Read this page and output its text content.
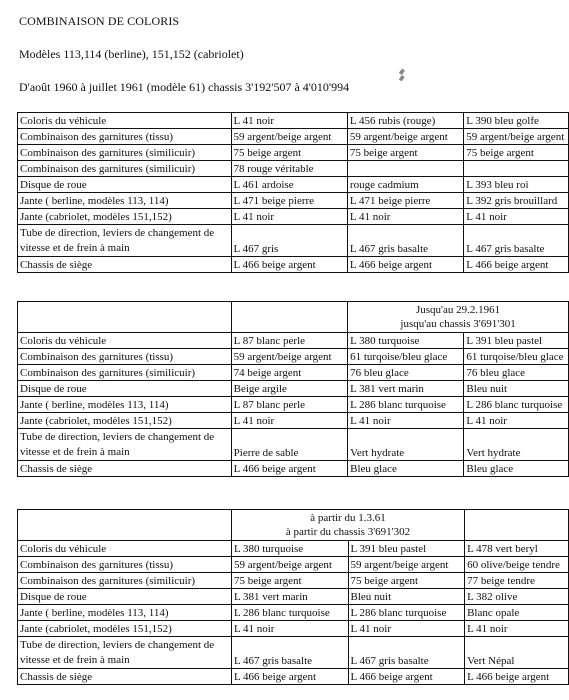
COMBINAISON DE COLORIS
Modèles 113,114 (berline), 151,152 (cabriolet)
D'août 1960 à juillet 1961 (modèle 61) chassis 3'192'507 à 4'010'994
▚
Coloris du véhicule	L 41 noir	L 456 rubis (rouge)	L 390 bleu golfe
Combinaison des garnitures (tissu)	59 argent/beige argent	59 argent/beige argent	59 argent/beige argent
Combinaison des garnitures (similicuir)	75 beige argent	75 beige argent	75 beige argent
Combinaison des garnitures (similicuir)	78 rouge véritable		
Disque de roue	L 461 ardoise	rouge cadmium	L 393 bleu roi
Jante ( berline, modèles 113, 114)	L 471 beige pierre	L 471 beige pierre	L 392 gris brouillard
Jante (cabriolet, modèles 151,152)	L 41 noir	L 41 noir	L 41 noir
Tube de direction, leviers de changement de vitesse et de frein à main	L 467 gris	L 467 gris basalte	L 467 gris basalte
Chassis de siège	L 466 beige argent	L 466 beige argent	L 466 beige argent

		Jusqu'au 29.2.1961
jusqu'au chassis 3'691'301	

Coloris du véhicule	L 87 blanc perle	L 380 turquoise	L 391 bleu pastel
Combinaison des garnitures (tissu)	59 argent/beige argent	61 turqoise/bleu glace	61 turqoise/bleu glace
Combinaison des garnitures (similicuir)	74 beige argent	76 bleu glace	76 bleu glace
Disque de roue	Beige argile	L 381 vert marin	Bleu nuit
Jante ( berline, modèles 113, 114)	L 87 blanc perle	L 286 blanc turquoise	L 286 blanc turquoise
Jante (cabriolet, modèles 151,152)	L 41 noir	L 41 noir	L 41 noir
Tube de direction, leviers de changement de vitesse et de frein à main	Pierre de sable	Vert hydrate	Vert hydrate
Chassis de siège	L 466 beige argent	Bleu glace	Bleu glace

	à partir du 1.3.61
à partir du chassis 3'691'302		

Coloris du véhicule	L 380 turquoise	L 391 bleu pastel	L 478 vert beryl
Combinaison des garnitures (tissu)	59 argent/beige argent	59 argent/beige argent	60 olive/beige tendre
Combinaison des garnitures (similicuir)	75 beige argent	75 beige argent	77 beige tendre
Disque de roue	L 381 vert marin	Bleu nuit	L 382 olive
Jante ( berline, modèles 113, 114)	L 286 blanc turquoise	L 286 blanc turquoise	Blanc opale
Jante (cabriolet, modèles 151,152)	L 41 noir	L 41 noir	L 41 noir
Tube de direction, leviers de changement de vitesse et de frein à main	L 467 gris basalte	L 467 gris basalte	Vert Népal
Chassis de siège	L 466 beige argent	L 466 beige argent	L 466 beige argent
